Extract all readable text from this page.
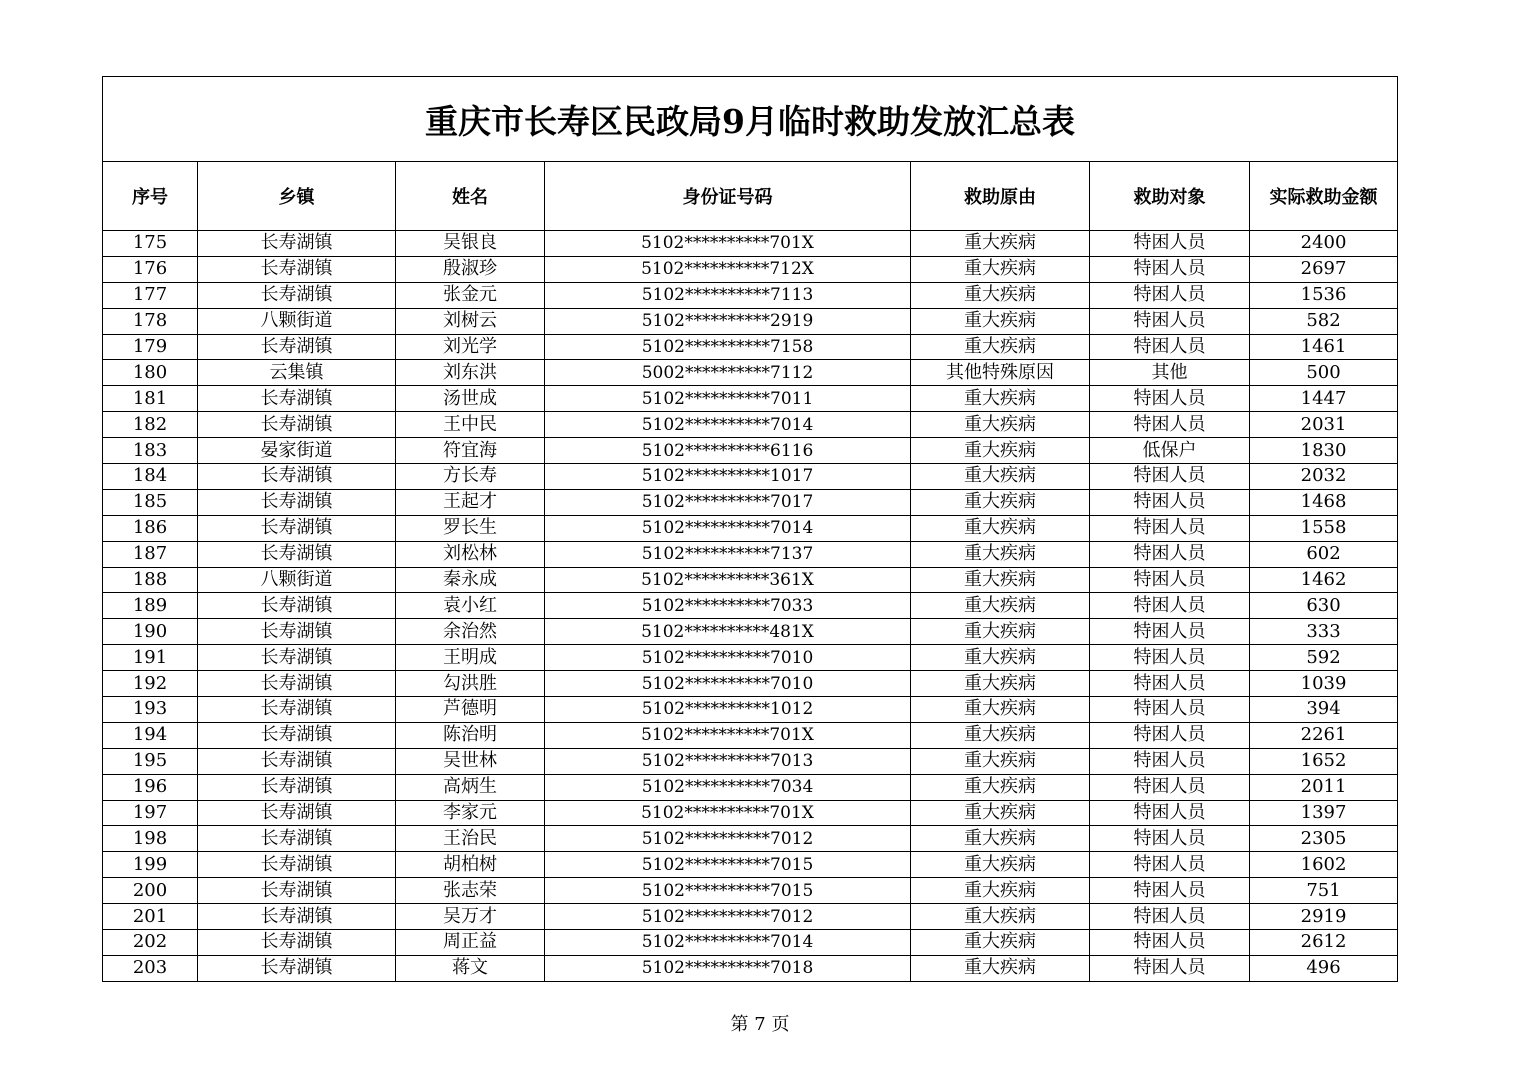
重庆市长寿区民政局9月临时救助发放汇总表						
序号	乡镇	姓名	身份证号码	救助原由	救助对象	实际救助金额
175	长寿湖镇	吴银良	5102**********701X	重大疾病	特困人员	2400
176	长寿湖镇	殷淑珍	5102**********712X	重大疾病	特困人员	2697
177	长寿湖镇	张金元	5102**********7113	重大疾病	特困人员	1536
178	八颗街道	刘树云	5102**********2919	重大疾病	特困人员	582
179	长寿湖镇	刘光学	5102**********7158	重大疾病	特困人员	1461
180	云集镇	刘东洪	5002**********7112	其他特殊原因	其他	500
181	长寿湖镇	汤世成	5102**********7011	重大疾病	特困人员	1447
182	长寿湖镇	王中民	5102**********7014	重大疾病	特困人员	2031
183	晏家街道	符宜海	5102**********6116	重大疾病	低保户	1830
184	长寿湖镇	方长寿	5102**********1017	重大疾病	特困人员	2032
185	长寿湖镇	王起才	5102**********7017	重大疾病	特困人员	1468
186	长寿湖镇	罗长生	5102**********7014	重大疾病	特困人员	1558
187	长寿湖镇	刘松林	5102**********7137	重大疾病	特困人员	602
188	八颗街道	秦永成	5102**********361X	重大疾病	特困人员	1462
189	长寿湖镇	袁小红	5102**********7033	重大疾病	特困人员	630
190	长寿湖镇	余治然	5102**********481X	重大疾病	特困人员	333
191	长寿湖镇	王明成	5102**********7010	重大疾病	特困人员	592
192	长寿湖镇	勾洪胜	5102**********7010	重大疾病	特困人员	1039
193	长寿湖镇	芦德明	5102**********1012	重大疾病	特困人员	394
194	长寿湖镇	陈治明	5102**********701X	重大疾病	特困人员	2261
195	长寿湖镇	吴世林	5102**********7013	重大疾病	特困人员	1652
196	长寿湖镇	高炳生	5102**********7034	重大疾病	特困人员	2011
197	长寿湖镇	李家元	5102**********701X	重大疾病	特困人员	1397
198	长寿湖镇	王治民	5102**********7012	重大疾病	特困人员	2305
199	长寿湖镇	胡柏树	5102**********7015	重大疾病	特困人员	1602
200	长寿湖镇	张志荣	5102**********7015	重大疾病	特困人员	751
201	长寿湖镇	吴万才	5102**********7012	重大疾病	特困人员	2919
202	长寿湖镇	周正益	5102**********7014	重大疾病	特困人员	2612
203	长寿湖镇	蒋文	5102**********7018	重大疾病	特困人员	496
第 7 页
